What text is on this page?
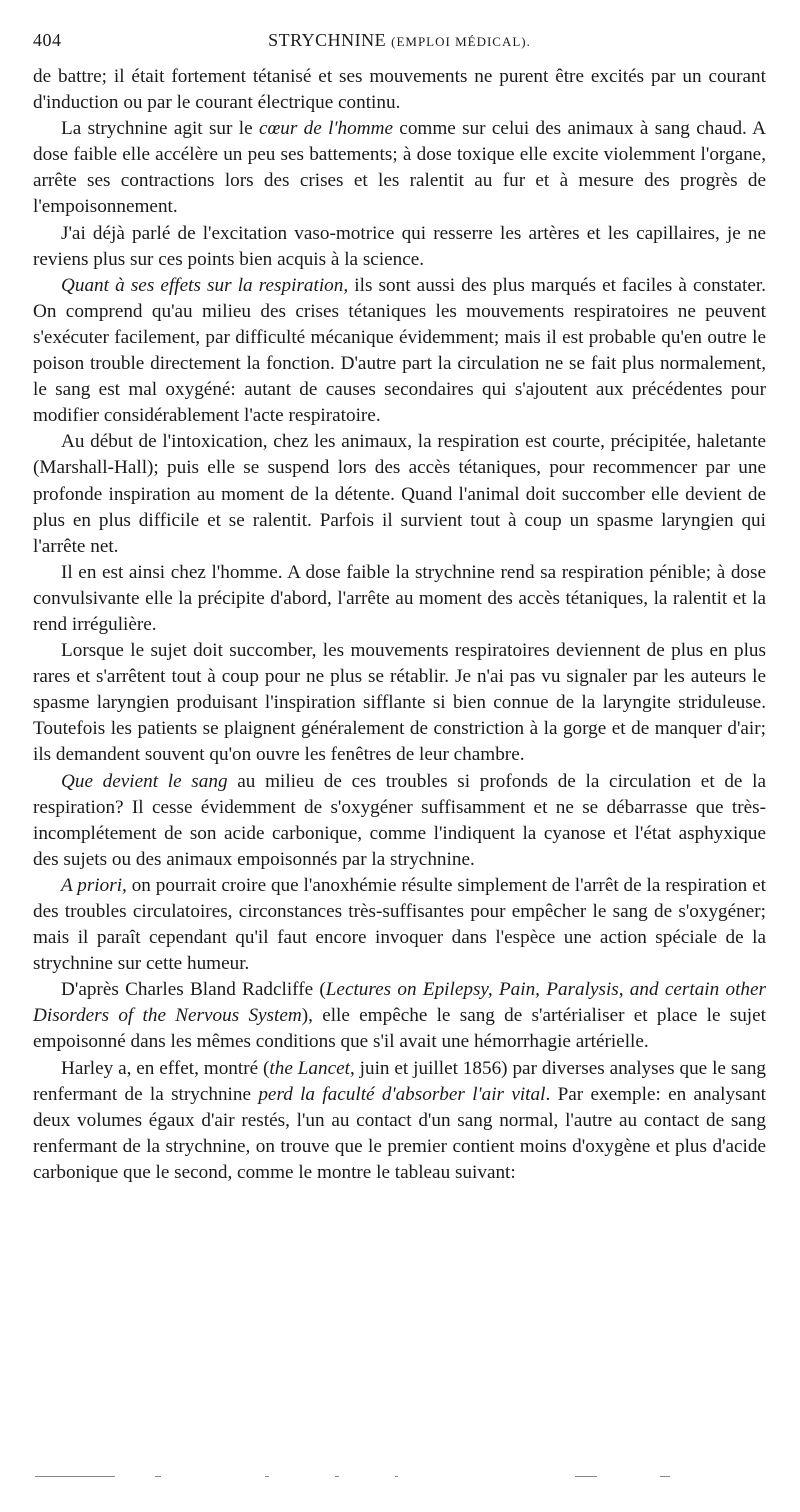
404	STRYCHNINE (EMPLOI MÉDICAL).

de battre; il était fortement tétanisé et ses mouvements ne purent être excités par un courant d'induction ou par le courant électrique continu.

La strychnine agit sur le cœur de l'homme comme sur celui des animaux à sang chaud. A dose faible elle accélère un peu ses battements; à dose toxique elle excite violemment l'organe, arrête ses contractions lors des crises et les ralentit au fur et à mesure des progrès de l'empoisonnement.

J'ai déjà parlé de l'excitation vaso-motrice qui resserre les artères et les capillaires, je ne reviens plus sur ces points bien acquis à la science.

Quant à ses effets sur la respiration, ils sont aussi des plus marqués et faciles à constater. On comprend qu'au milieu des crises tétaniques les mouvements respiratoires ne peuvent s'exécuter facilement, par difficulté mécanique évidemment; mais il est probable qu'en outre le poison trouble directement la fonction. D'autre part la circulation ne se fait plus normalement, le sang est mal oxygéné: autant de causes secondaires qui s'ajoutent aux précédentes pour modifier considérablement l'acte respiratoire.

Au début de l'intoxication, chez les animaux, la respiration est courte, précipitée, haletante (Marshall-Hall); puis elle se suspend lors des accès tétaniques, pour recommencer par une profonde inspiration au moment de la détente. Quand l'animal doit succomber elle devient de plus en plus difficile et se ralentit. Parfois il survient tout à coup un spasme laryngien qui l'arrête net.

Il en est ainsi chez l'homme. A dose faible la strychnine rend sa respiration pénible; à dose convulsivante elle la précipite d'abord, l'arrête au moment des accès tétaniques, la ralentit et la rend irrégulière.

Lorsque le sujet doit succomber, les mouvements respiratoires deviennent de plus en plus rares et s'arrêtent tout à coup pour ne plus se rétablir. Je n'ai pas vu signaler par les auteurs le spasme laryngien produisant l'inspiration sifflante si bien connue de la laryngite striduleuse. Toutefois les patients se plaignent généralement de constriction à la gorge et de manquer d'air; ils demandent souvent qu'on ouvre les fenêtres de leur chambre.

Que devient le sang au milieu de ces troubles si profonds de la circulation et de la respiration? Il cesse évidemment de s'oxygéner suffisamment et ne se débarrasse que très-incomplétement de son acide carbonique, comme l'indiquent la cyanose et l'état asphyxique des sujets ou des animaux empoisonnés par la strychnine.

A priori, on pourrait croire que l'anoxhémie résulte simplement de l'arrêt de la respiration et des troubles circulatoires, circonstances très-suffisantes pour empêcher le sang de s'oxygéner; mais il paraît cependant qu'il faut encore invoquer dans l'espèce une action spéciale de la strychnine sur cette humeur.

D'après Charles Bland Radcliffe (Lectures on Epilepsy, Pain, Paralysis, and certain other Disorders of the Nervous System), elle empêche le sang de s'artérialiser et place le sujet empoisonné dans les mêmes conditions que s'il avait une hémorrhagie artérielle.

Harley a, en effet, montré (the Lancet, juin et juillet 1856) par diverses analyses que le sang renfermant de la strychnine perd la faculté d'absorber l'air vital. Par exemple: en analysant deux volumes égaux d'air restés, l'un au contact d'un sang normal, l'autre au contact de sang renfermant de la strychnine, on trouve que le premier contient moins d'oxygène et plus d'acide carbonique que le second, comme le montre le tableau suivant:
